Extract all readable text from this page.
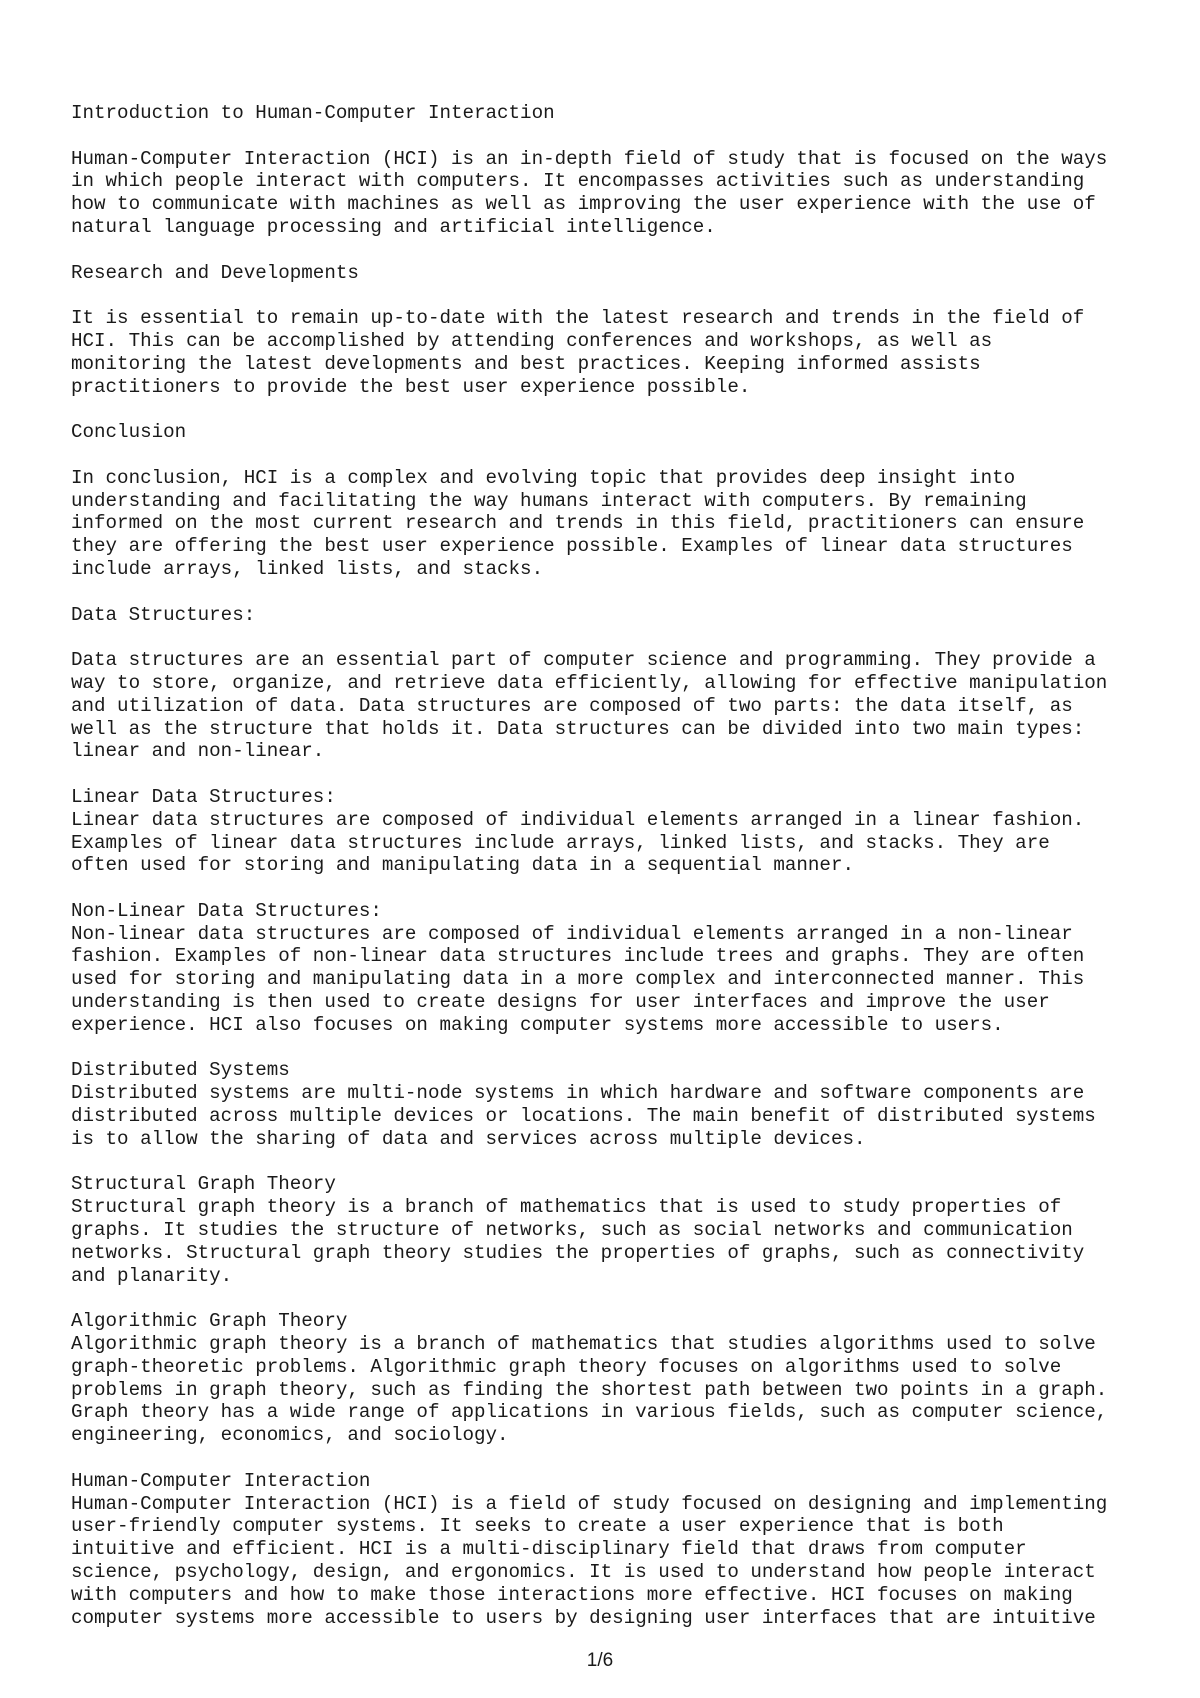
Introduction to Human-Computer Interaction

Human-Computer Interaction (HCI) is an in-depth field of study that is focused on the ways
in which people interact with computers. It encompasses activities such as understanding
how to communicate with machines as well as improving the user experience with the use of
natural language processing and artificial intelligence.

Research and Developments

It is essential to remain up-to-date with the latest research and trends in the field of
HCI. This can be accomplished by attending conferences and workshops, as well as
monitoring the latest developments and best practices. Keeping informed assists
practitioners to provide the best user experience possible.

Conclusion

In conclusion, HCI is a complex and evolving topic that provides deep insight into
understanding and facilitating the way humans interact with computers. By remaining
informed on the most current research and trends in this field, practitioners can ensure
they are offering the best user experience possible. Examples of linear data structures
include arrays, linked lists, and stacks.

Data Structures:

Data structures are an essential part of computer science and programming. They provide a
way to store, organize, and retrieve data efficiently, allowing for effective manipulation
and utilization of data. Data structures are composed of two parts: the data itself, as
well as the structure that holds it. Data structures can be divided into two main types:
linear and non-linear.

Linear Data Structures:
Linear data structures are composed of individual elements arranged in a linear fashion.
Examples of linear data structures include arrays, linked lists, and stacks. They are
often used for storing and manipulating data in a sequential manner.

Non-Linear Data Structures:
Non-linear data structures are composed of individual elements arranged in a non-linear
fashion. Examples of non-linear data structures include trees and graphs. They are often
used for storing and manipulating data in a more complex and interconnected manner. This
understanding is then used to create designs for user interfaces and improve the user
experience. HCI also focuses on making computer systems more accessible to users.

Distributed Systems
Distributed systems are multi-node systems in which hardware and software components are
distributed across multiple devices or locations. The main benefit of distributed systems
is to allow the sharing of data and services across multiple devices.

Structural Graph Theory
Structural graph theory is a branch of mathematics that is used to study properties of
graphs. It studies the structure of networks, such as social networks and communication
networks. Structural graph theory studies the properties of graphs, such as connectivity
and planarity.

Algorithmic Graph Theory
Algorithmic graph theory is a branch of mathematics that studies algorithms used to solve
graph-theoretic problems. Algorithmic graph theory focuses on algorithms used to solve
problems in graph theory, such as finding the shortest path between two points in a graph.
Graph theory has a wide range of applications in various fields, such as computer science,
engineering, economics, and sociology.

Human-Computer Interaction
Human-Computer Interaction (HCI) is a field of study focused on designing and implementing
user-friendly computer systems. It seeks to create a user experience that is both
intuitive and efficient. HCI is a multi-disciplinary field that draws from computer
science, psychology, design, and ergonomics. It is used to understand how people interact
with computers and how to make those interactions more effective. HCI focuses on making
computer systems more accessible to users by designing user interfaces that are intuitive
1/6
